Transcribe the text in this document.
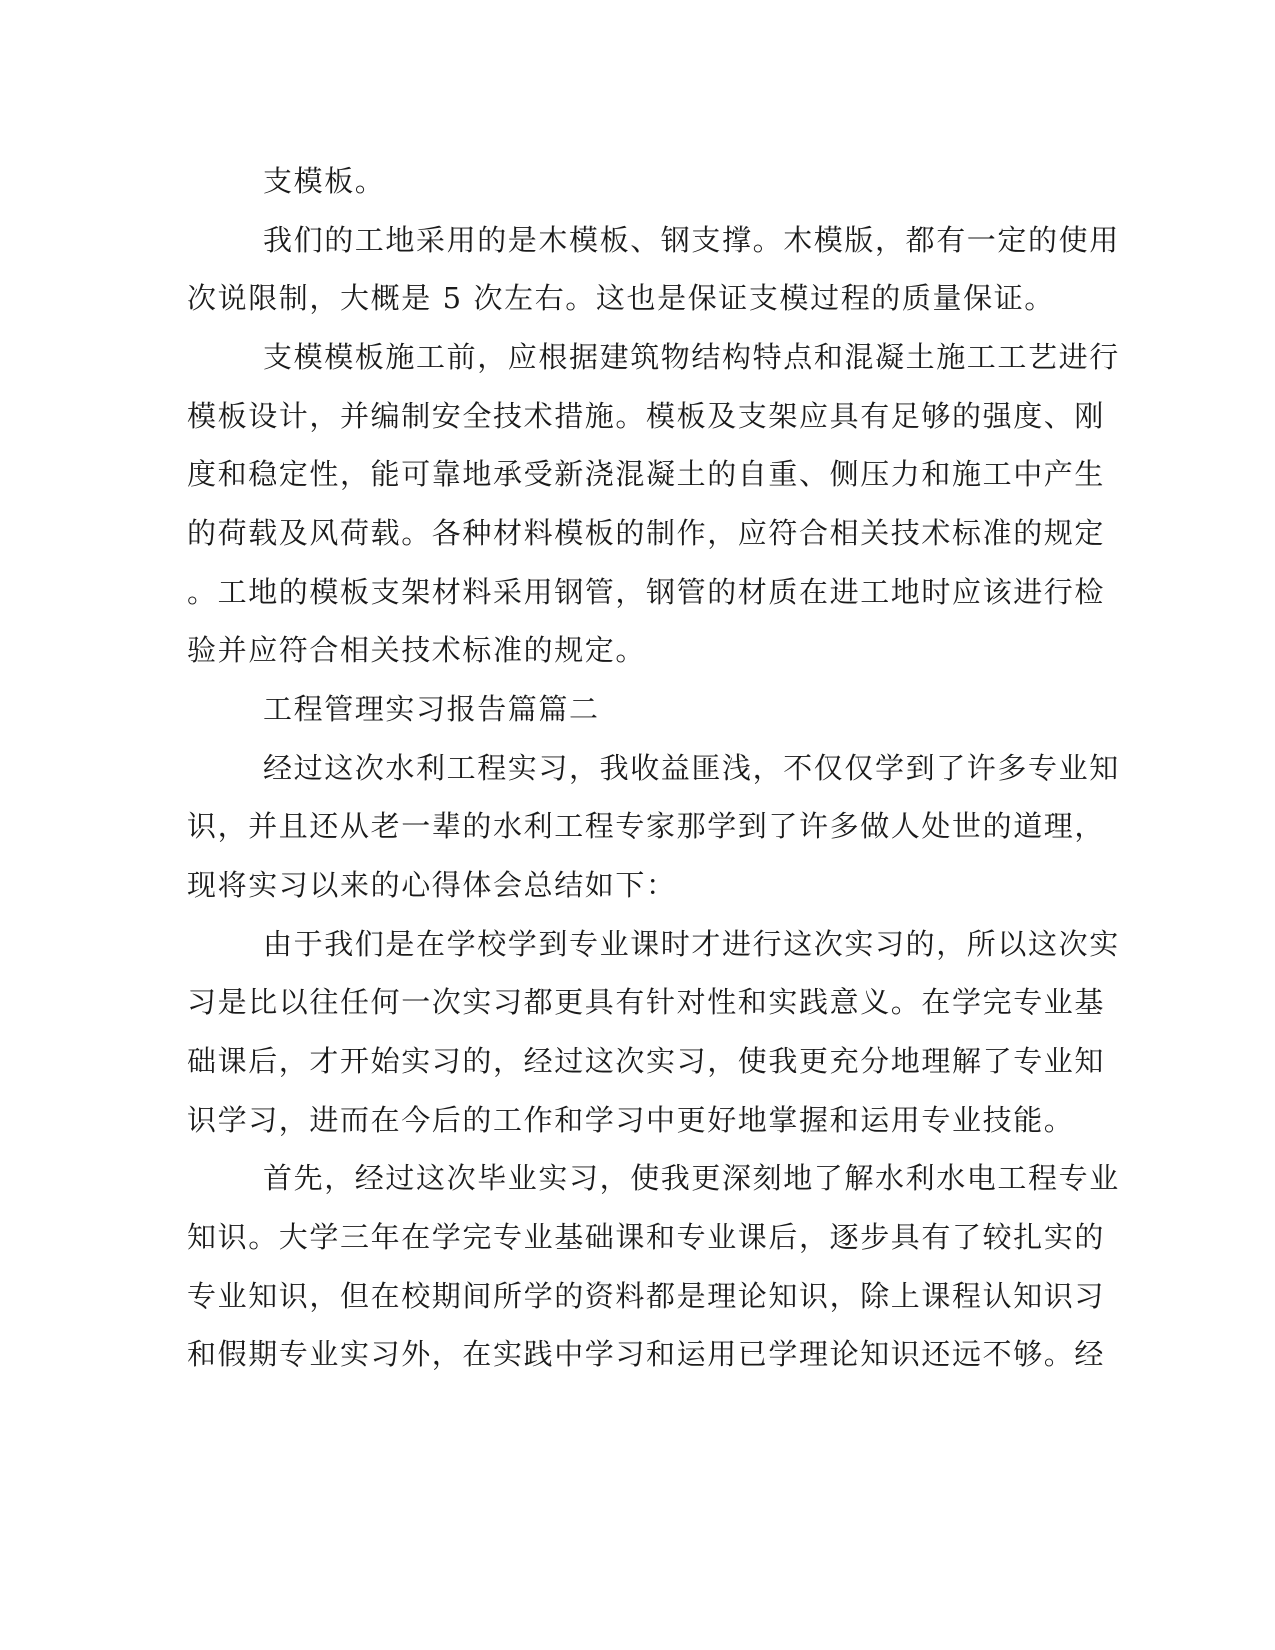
支模板。
我们的工地采用的是木模板、钢支撑。木模版，都有一定的使用
次说限制，大概是 5 次左右。这也是保证支模过程的质量保证。
支模模板施工前，应根据建筑物结构特点和混凝土施工工艺进行
模板设计，并编制安全技术措施。模板及支架应具有足够的强度、刚
度和稳定性，能可靠地承受新浇混凝土的自重、侧压力和施工中产生
的荷载及风荷载。各种材料模板的制作，应符合相关技术标准的规定
。工地的模板支架材料采用钢管，钢管的材质在进工地时应该进行检
验并应符合相关技术标准的规定。
工程管理实习报告篇篇二
经过这次水利工程实习，我收益匪浅，不仅仅学到了许多专业知
识，并且还从老一辈的水利工程专家那学到了许多做人处世的道理，
现将实习以来的心得体会总结如下：
由于我们是在学校学到专业课时才进行这次实习的，所以这次实
习是比以往任何一次实习都更具有针对性和实践意义。在学完专业基
础课后，才开始实习的，经过这次实习，使我更充分地理解了专业知
识学习，进而在今后的工作和学习中更好地掌握和运用专业技能。
首先，经过这次毕业实习，使我更深刻地了解水利水电工程专业
知识。大学三年在学完专业基础课和专业课后，逐步具有了较扎实的
专业知识，但在校期间所学的资料都是理论知识，除上课程认知识习
和假期专业实习外，在实践中学习和运用已学理论知识还远不够。经
